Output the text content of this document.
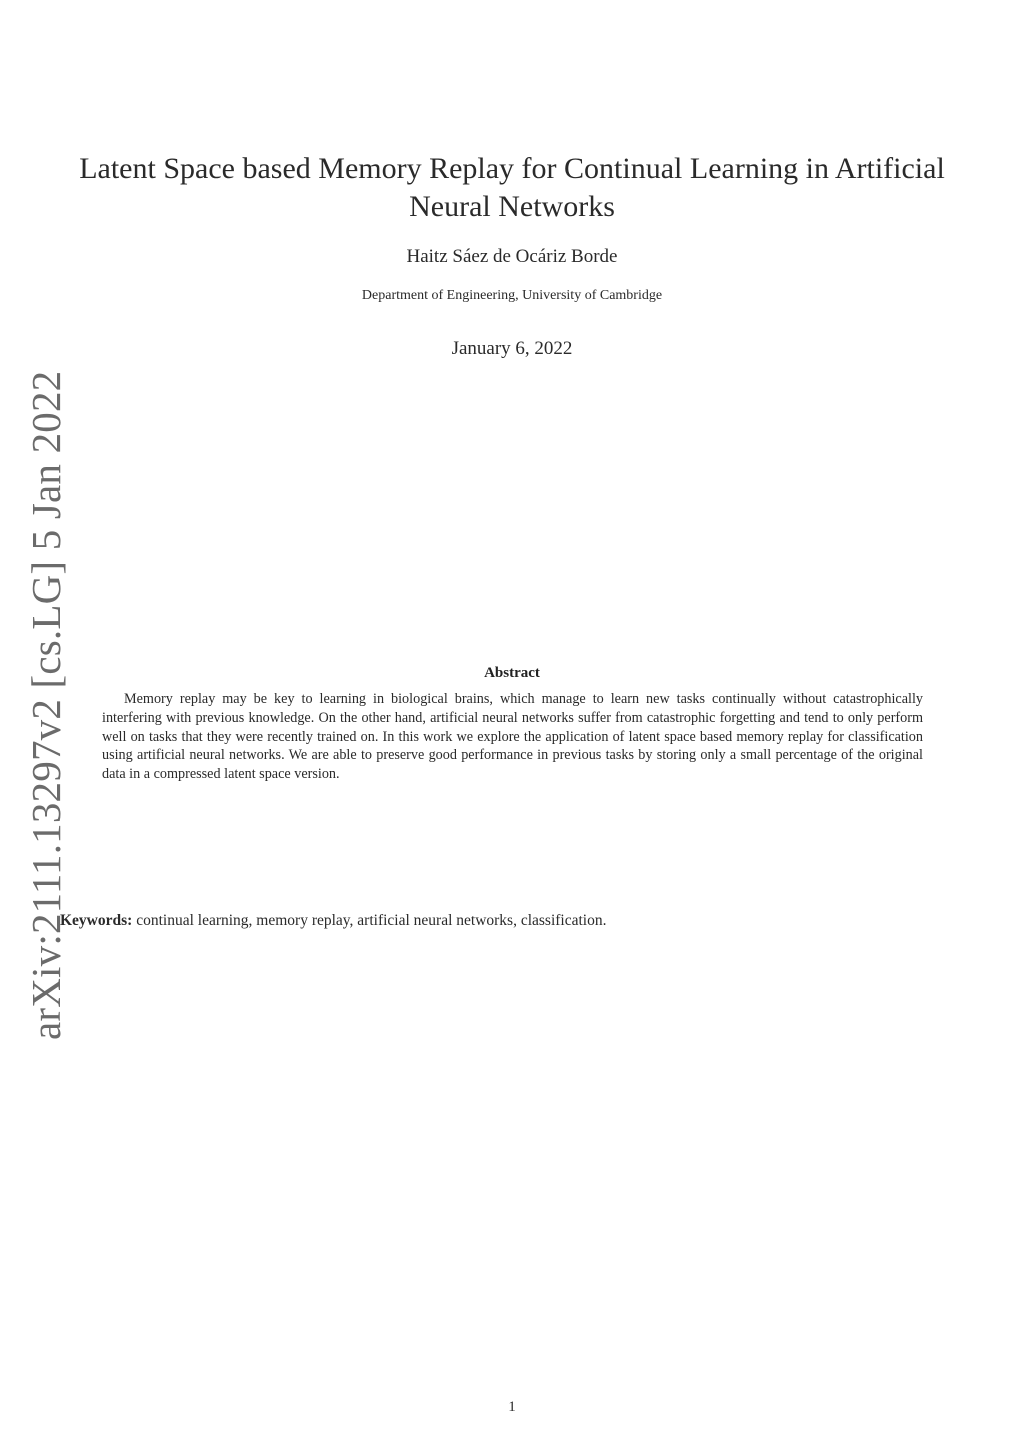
Latent Space based Memory Replay for Continual Learning in Artificial Neural Networks
Haitz Sáez de Ocáriz Borde
Department of Engineering, University of Cambridge
January 6, 2022
arXiv:2111.13297v2 [cs.LG] 5 Jan 2022	Abstract

Memory replay may be key to learning in biological brains, which manage to learn new tasks continually without catastrophically interfering with previous knowledge. On the other hand, artificial neural networks suffer from catastrophic forgetting and tend to only perform well on tasks that they were recently trained on. In this work we explore the application of latent space based memory replay for classification using artificial neural networks. We are able to preserve good performance in previous tasks by storing only a small percentage of the original data in a compressed latent space version.

Keywords: continual learning, memory replay, artificial neural networks, classification.
1
